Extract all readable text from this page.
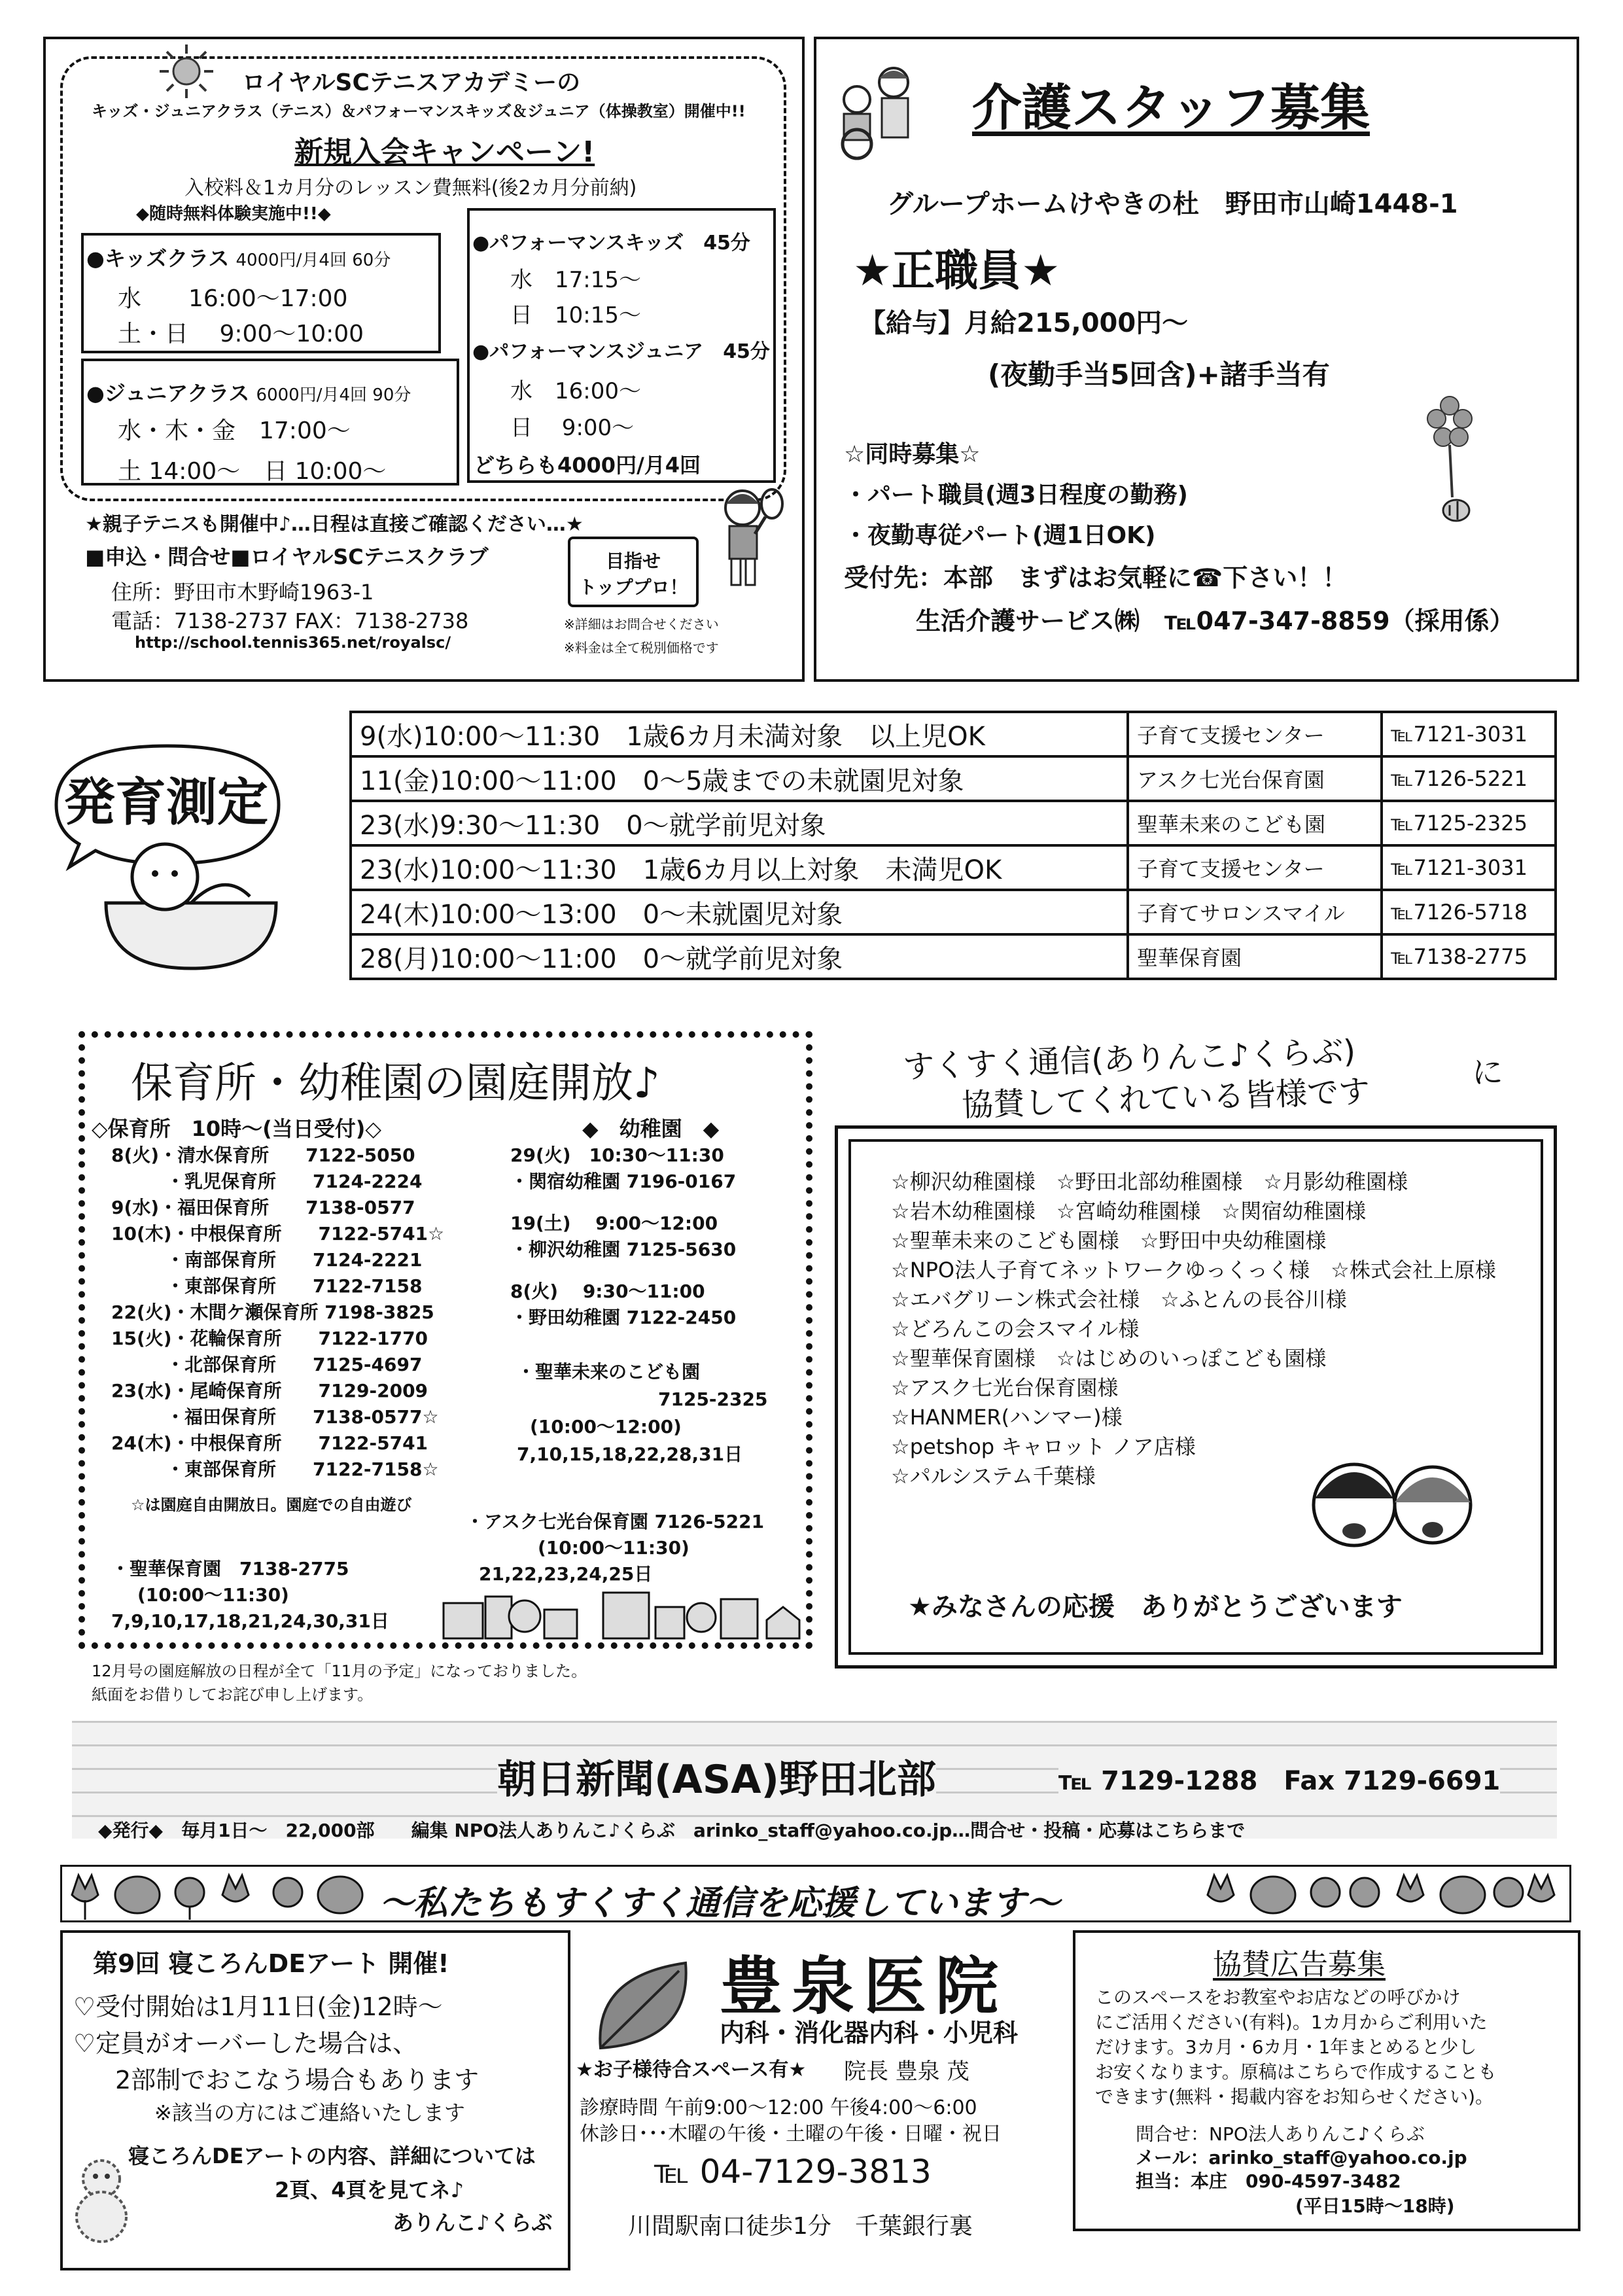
ロイヤルSCテニスアカデミーの
キッズ・ジュニアクラス（テニス）＆パフォーマンスキッズ＆ジュニア（体操教室）開催中!!
新規入会キャンペーン!
入校料＆1カ月分のレッスン費無料(後2カ月分前納)
◆随時無料体験実施中!!◆
●キッズクラス 4000円/月4回 60分
水　　16:00～17:00
土・日　 9:00～10:00
●ジュニアクラス 6000円/月4回 90分
水・木・金　17:00～
土 14:00～　日 10:00～
●パフォーマンスキッズ　 45分
水　17:15～
日　10:15～
●パフォーマンスジュニア　 45分
水　16:00～
日　 9:00～
どちらも4000円/月4回
★親子テニスも開催中♪…日程は直接ご確認ください…★
■申込・問合せ■ロイヤルSCテニスクラブ
住所：野田市木野崎1963-1
電話：7138-2737 FAX：7138-2738
http://school.tennis365.net/royalsc/
※詳細はお問合せください
※料金は全て税別価格です
目指せ
トッププロ！
介護スタッフ募集
グループホームけやきの杜　野田市山崎1448-1
★正職員★
【給与】月給215,000円～
(夜勤手当5回含)+諸手当有
☆同時募集☆
・パート職員(週3日程度の勤務)
・夜勤専従パート(週1日OK)
受付先：本部　まずはお気軽に☎下さい！！
生活介護サービス㈱　℡047-347-8859（採用係）
発育測定
9(水)10:00～11:30　1歳6カ月未満対象　以上児OK	子育て支援センター	℡7121-3031
11(金)10:00～11:00　0～5歳までの未就園児対象	アスク七光台保育園	℡7126-5221
23(水)9:30～11:30　0～就学前児対象	聖華未来のこども園	℡7125-2325
23(水)10:00～11:30　1歳6カ月以上対象　未満児OK	子育て支援センター	℡7121-3031
24(木)10:00～13:00　0～未就園児対象	子育てサロンスマイル	℡7126-5718
28(月)10:00～11:00　0～就学前児対象	聖華保育園	℡7138-2775
保育所・幼稚園の園庭開放♪
◇保育所　10時～(当日受付)◇
8(火)・清水保育所　　7122-5050
　　　・乳児保育所　　7124-2224
9(水)・福田保育所　　7138-0577
10(木)・中根保育所　　7122-5741☆
　　　・南部保育所　　7124-2221
　　　・東部保育所　　7122-7158
22(火)・木間ケ瀬保育所 7198-3825
15(火)・花輪保育所　　7122-1770
　　　・北部保育所　　7125-4697
23(水)・尾崎保育所　　7129-2009
　　　・福田保育所　　7138-0577☆
24(木)・中根保育所　　7122-5741
　　　・東部保育所　　7122-7158☆
☆は園庭自由開放日。園庭での自由遊び
◆　幼稚園　◆
29(火)　10:30～11:30
・関宿幼稚園 7196-0167
19(土)　 9:00～12:00
・柳沢幼稚園 7125-5630
8(火)　 9:30～11:00
・野田幼稚園 7122-2450
・聖華未来のこども園
7125-2325
(10:00～12:00)
7,10,15,18,22,28,31日
・アスク七光台保育園 7126-5221
(10:00～11:30)
21,22,23,24,25日
・聖華保育園　7138-2775
(10:00～11:30)
7,9,10,17,18,21,24,30,31日
12月号の園庭解放の日程が全て「11月の予定」になっておりました。
紙面をお借りしてお詫び申し上げます。
すくすく通信(ありんこ♪くらぶ)	に
協賛してくれている皆様です
☆柳沢幼稚園様　☆野田北部幼稚園様　☆月影幼稚園様
☆岩木幼稚園様　☆宮崎幼稚園様　☆関宿幼稚園様
☆聖華未来のこども園様　☆野田中央幼稚園様
☆NPO法人子育てネットワークゆっくっく様　☆株式会社上原様
☆エバグリーン株式会社様　☆ふとんの長谷川様
☆どろんこの会スマイル様
☆聖華保育園様　☆はじめのいっぽこども園様
☆アスク七光台保育園様
☆HANMER(ハンマー)様
☆petshop キャロット ノア店様
☆パルシステム千葉様
★みなさんの応援　ありがとうございます
朝日新聞(ASA)野田北部	℡ 7129-1288　Fax 7129-6691
◆発行◆　毎月1日～　22,000部　　編集 NPO法人ありんこ♪くらぶ　arinko_staff@yahoo.co.jp…問合せ・投稿・応募はこちらまで
～私たちもすくすく通信を応援しています～
第9回 寝ころんDEアート 開催!
♡受付開始は1月11日(金)12時～
♡定員がオーバーした場合は、
2部制でおこなう場合もあります
※該当の方にはご連絡いたします
寝ころんDEアートの内容、詳細については
2頁、4頁を見てネ♪
ありんこ♪くらぶ
豊泉医院
内科・消化器内科・小児科
★お子様待合スペース有★ 院長 豊泉 茂
診療時間 午前9:00～12:00 午後4:00～6:00
休診日･･･木曜の午後・土曜の午後・日曜・祝日
℡ 04-7129-3813
川間駅南口徒歩1分　千葉銀行裏
協賛広告募集
このスペースをお教室やお店などの呼びかけ
にご活用ください(有料)。1カ月からご利用いた
だけます。3カ月・6カ月・1年まとめると少し
お安くなります。原稿はこちらで作成することも
できます(無料・掲載内容をお知らせください)。
問合せ：NPO法人ありんこ♪くらぶ
メール：arinko_staff@yahoo.co.jp
担当：本庄　090-4597-3482
(平日15時～18時)
